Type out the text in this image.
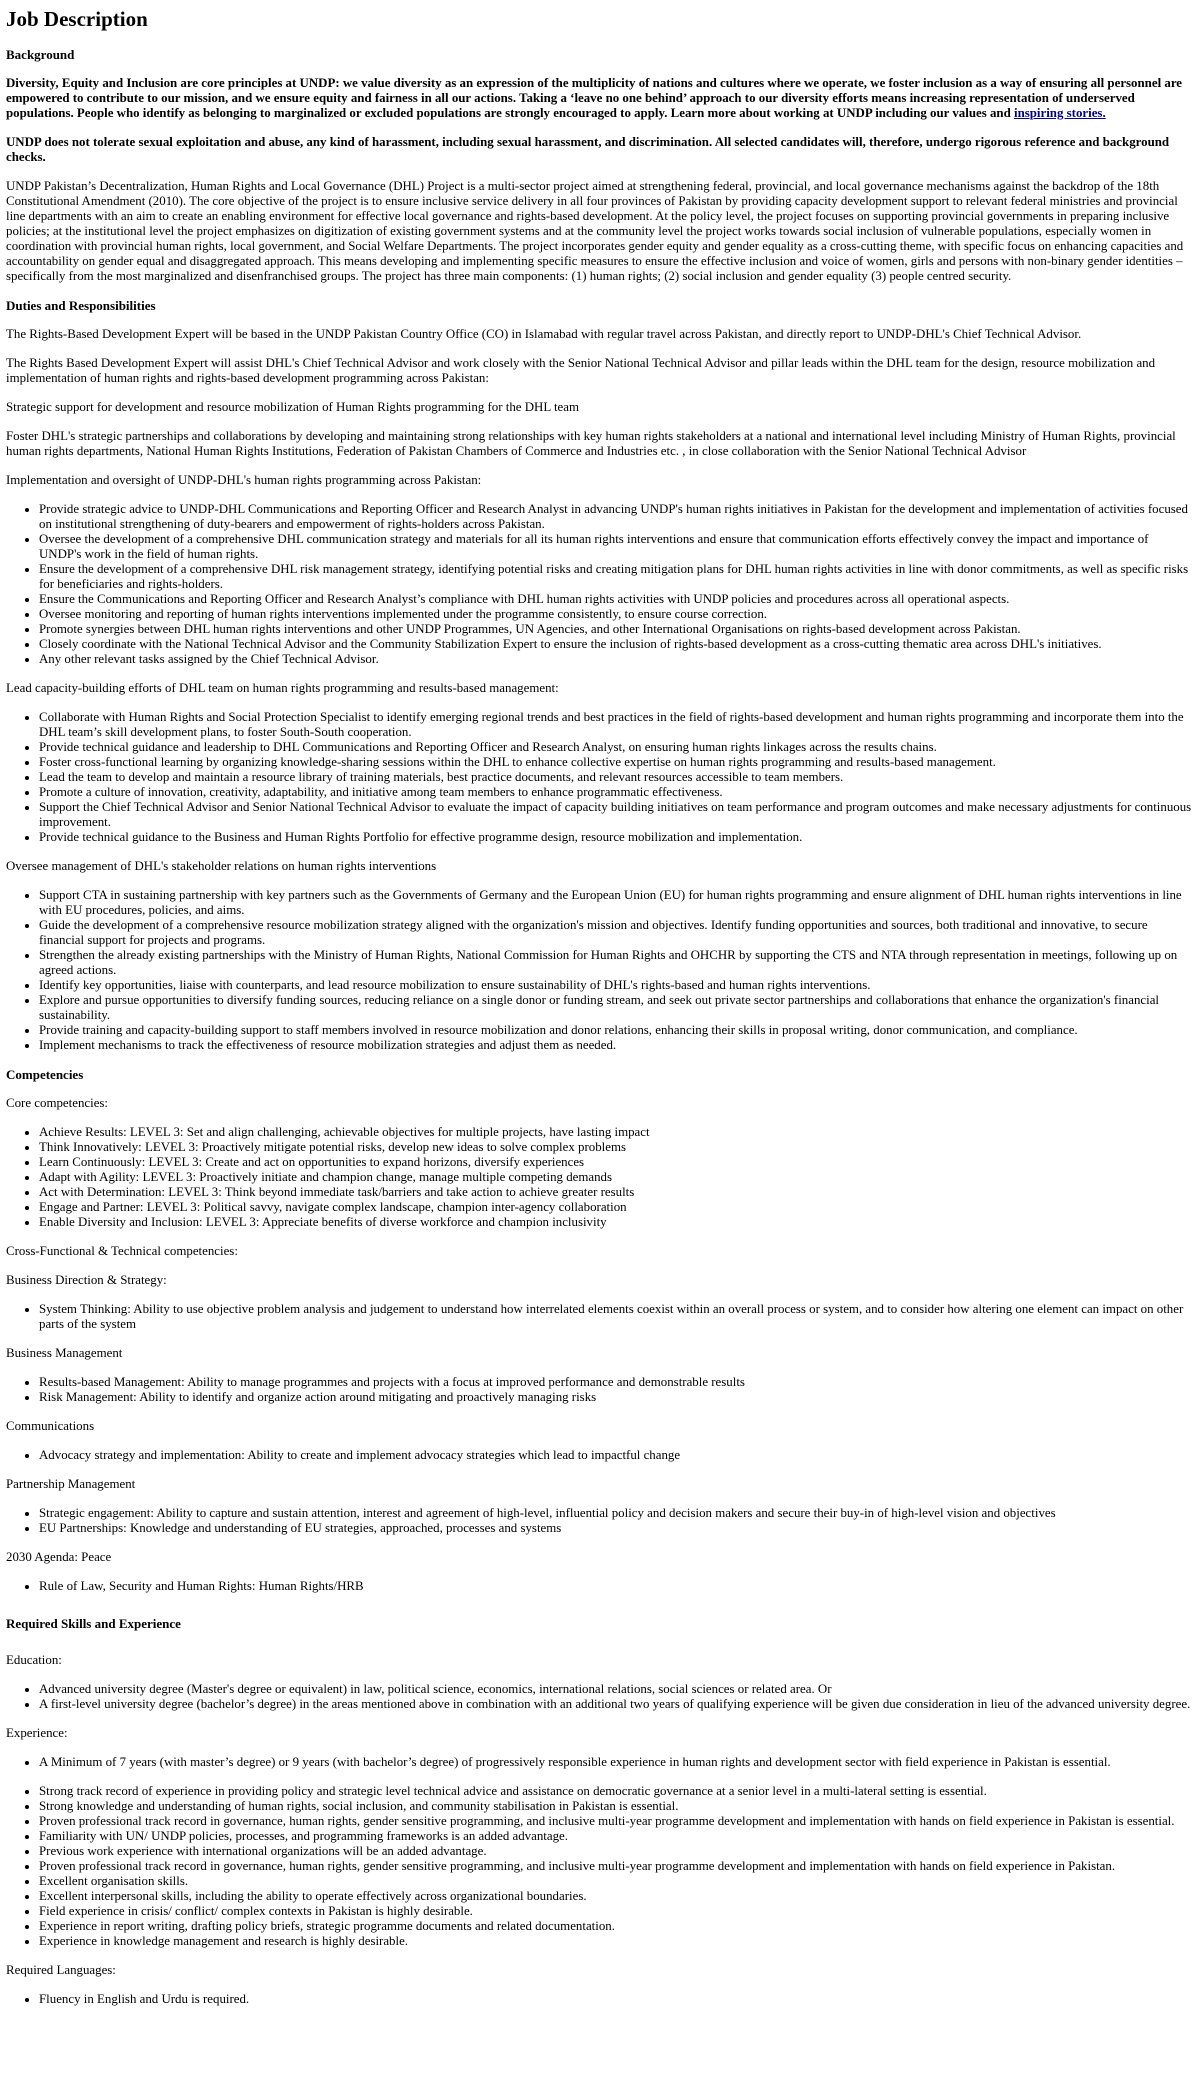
Job Description
Background

Diversity, Equity and Inclusion are core principles at UNDP: we value diversity as an expression of the multiplicity of nations and cultures where we operate, we foster inclusion as a way of ensuring all personnel are empowered to contribute to our mission, and we ensure equity and fairness in all our actions. Taking a ‘leave no one behind’ approach to our diversity efforts means increasing representation of underserved populations. People who identify as belonging to marginalized or excluded populations are strongly encouraged to apply. Learn more about working at UNDP including our values and inspiring stories.

UNDP does not tolerate sexual exploitation and abuse, any kind of harassment, including sexual harassment, and discrimination. All selected candidates will, therefore, undergo rigorous reference and background checks.

UNDP Pakistan’s Decentralization, Human Rights and Local Governance (DHL) Project is a multi-sector project aimed at strengthening federal, provincial, and local governance mechanisms against the backdrop of the 18th Constitutional Amendment (2010). The core objective of the project is to ensure inclusive service delivery in all four provinces of Pakistan by providing capacity development support to relevant federal ministries and provincial line departments with an aim to create an enabling environment for effective local governance and rights-based development. At the policy level, the project focuses on supporting provincial governments in preparing inclusive policies; at the institutional level the project emphasizes on digitization of existing government systems and at the community level the project works towards social inclusion of vulnerable populations, especially women in coordination with provincial human rights, local government, and Social Welfare Departments. The project incorporates gender equity and gender equality as a cross-cutting theme, with specific focus on enhancing capacities and accountability on gender equal and disaggregated approach. This means developing and implementing specific measures to ensure the effective inclusion and voice of women, girls and persons with non-binary gender identities – specifically from the most marginalized and disenfranchised groups. The project has three main components: (1) human rights; (2) social inclusion and gender equality (3) people centred security.

Duties and Responsibilities

The Rights-Based Development Expert will be based in the UNDP Pakistan Country Office (CO) in Islamabad with regular travel across Pakistan, and directly report to UNDP-DHL's Chief Technical Advisor.

The Rights Based Development Expert will assist DHL's Chief Technical Advisor and work closely with the Senior National Technical Advisor and pillar leads within the DHL team for the design, resource mobilization and implementation of human rights and rights-based development programming across Pakistan:

Strategic support for development and resource mobilization of Human Rights programming for the DHL team

Foster DHL's strategic partnerships and collaborations by developing and maintaining strong relationships with key human rights stakeholders at a national and international level including Ministry of Human Rights, provincial human rights departments, National Human Rights Institutions, Federation of Pakistan Chambers of Commerce and Industries etc. , in close collaboration with the Senior National Technical Advisor

Implementation and oversight of UNDP-DHL's human rights programming across Pakistan:

• Provide strategic advice to UNDP-DHL Communications and Reporting Officer and Research Analyst in advancing UNDP's human rights initiatives in Pakistan for the development and implementation of activities focused on institutional strengthening of duty-bearers and empowerment of rights-holders across Pakistan.
• Oversee the development of a comprehensive DHL communication strategy and materials for all its human rights interventions and ensure that communication efforts effectively convey the impact and importance of UNDP's work in the field of human rights.
• Ensure the development of a comprehensive DHL risk management strategy, identifying potential risks and creating mitigation plans for DHL human rights activities in line with donor commitments, as well as specific risks for beneficiaries and rights-holders.
• Ensure the Communications and Reporting Officer and Research Analyst’s compliance with DHL human rights activities with UNDP policies and procedures across all operational aspects.
• Oversee monitoring and reporting of human rights interventions implemented under the programme consistently, to ensure course correction.
• Promote synergies between DHL human rights interventions and other UNDP Programmes, UN Agencies, and other International Organisations on rights-based development across Pakistan.
• Closely coordinate with the National Technical Advisor and the Community Stabilization Expert to ensure the inclusion of rights-based development as a cross-cutting thematic area across DHL's initiatives.
• Any other relevant tasks assigned by the Chief Technical Advisor.

Lead capacity-building efforts of DHL team on human rights programming and results-based management:

• Collaborate with Human Rights and Social Protection Specialist to identify emerging regional trends and best practices in the field of rights-based development and human rights programming and incorporate them into the DHL team’s skill development plans, to foster South-South cooperation.
• Provide technical guidance and leadership to DHL Communications and Reporting Officer and Research Analyst, on ensuring human rights linkages across the results chains.
• Foster cross-functional learning by organizing knowledge-sharing sessions within the DHL to enhance collective expertise on human rights programming and results-based management.
• Lead the team to develop and maintain a resource library of training materials, best practice documents, and relevant resources accessible to team members.
• Promote a culture of innovation, creativity, adaptability, and initiative among team members to enhance programmatic effectiveness.
• Support the Chief Technical Advisor and Senior National Technical Advisor to evaluate the impact of capacity building initiatives on team performance and program outcomes and make necessary adjustments for continuous improvement.
• Provide technical guidance to the Business and Human Rights Portfolio for effective programme design, resource mobilization and implementation.

Oversee management of DHL's stakeholder relations on human rights interventions

• Support CTA in sustaining partnership with key partners such as the Governments of Germany and the European Union (EU) for human rights programming and ensure alignment of DHL human rights interventions in line with EU procedures, policies, and aims.
• Guide the development of a comprehensive resource mobilization strategy aligned with the organization's mission and objectives. Identify funding opportunities and sources, both traditional and innovative, to secure financial support for projects and programs.
• Strengthen the already existing partnerships with the Ministry of Human Rights, National Commission for Human Rights and OHCHR by supporting the CTS and NTA through representation in meetings, following up on agreed actions.
• Identify key opportunities, liaise with counterparts, and lead resource mobilization to ensure sustainability of DHL's rights-based and human rights interventions.
• Explore and pursue opportunities to diversify funding sources, reducing reliance on a single donor or funding stream, and seek out private sector partnerships and collaborations that enhance the organization's financial sustainability.
• Provide training and capacity-building support to staff members involved in resource mobilization and donor relations, enhancing their skills in proposal writing, donor communication, and compliance.
• Implement mechanisms to track the effectiveness of resource mobilization strategies and adjust them as needed.
Competencies

Core competencies:

• Achieve Results: LEVEL 3: Set and align challenging, achievable objectives for multiple projects, have lasting impact
• Think Innovatively: LEVEL 3: Proactively mitigate potential risks, develop new ideas to solve complex problems
• Learn Continuously: LEVEL 3: Create and act on opportunities to expand horizons, diversify experiences
• Adapt with Agility: LEVEL 3: Proactively initiate and champion change, manage multiple competing demands
• Act with Determination: LEVEL 3: Think beyond immediate task/barriers and take action to achieve greater results
• Engage and Partner: LEVEL 3: Political savvy, navigate complex landscape, champion inter-agency collaboration
• Enable Diversity and Inclusion: LEVEL 3: Appreciate benefits of diverse workforce and champion inclusivity

Cross-Functional & Technical competencies:

Business Direction & Strategy:

• System Thinking: Ability to use objective problem analysis and judgement to understand how interrelated elements coexist within an overall process or system, and to consider how altering one element can impact on other parts of the system

Business Management

• Results-based Management: Ability to manage programmes and projects with a focus at improved performance and demonstrable results
• Risk Management: Ability to identify and organize action around mitigating and proactively managing risks

Communications

• Advocacy strategy and implementation: Ability to create and implement advocacy strategies which lead to impactful change

Partnership Management

• Strategic engagement: Ability to capture and sustain attention, interest and agreement of high-level, influential policy and decision makers and secure their buy-in of high-level vision and objectives
• EU Partnerships: Knowledge and understanding of EU strategies, approached, processes and systems

2030 Agenda: Peace

• Rule of Law, Security and Human Rights: Human Rights/HRB
Required Skills and Experience

Education:

• Advanced university degree (Master's degree or equivalent) in law, political science, economics, international relations, social sciences or related area. Or
• A first-level university degree (bachelor’s degree) in the areas mentioned above in combination with an additional two years of qualifying experience will be given due consideration in lieu of the advanced university degree.

Experience:

• A Minimum of 7 years (with master’s degree) or 9 years (with bachelor’s degree) of progressively responsible experience in human rights and development sector with field experience in Pakistan is essential.
• Strong track record of experience in providing policy and strategic level technical advice and assistance on democratic governance at a senior level in a multi-lateral setting is essential.
• Strong knowledge and understanding of human rights, social inclusion, and community stabilisation in Pakistan is essential.
• Proven professional track record in governance, human rights, gender sensitive programming, and inclusive multi-year programme development and implementation with hands on field experience in Pakistan is essential.
• Familiarity with UN/ UNDP policies, processes, and programming frameworks is an added advantage.
• Previous work experience with international organizations will be an added advantage.
• Proven professional track record in governance, human rights, gender sensitive programming, and inclusive multi-year programme development and implementation with hands on field experience in Pakistan.
• Excellent organisation skills.
• Excellent interpersonal skills, including the ability to operate effectively across organizational boundaries.
• Field experience in crisis/ conflict/ complex contexts in Pakistan is highly desirable.
• Experience in report writing, drafting policy briefs, strategic programme documents and related documentation.
• Experience in knowledge management and research is highly desirable.

Required Languages:

• Fluency in English and Urdu is required.
